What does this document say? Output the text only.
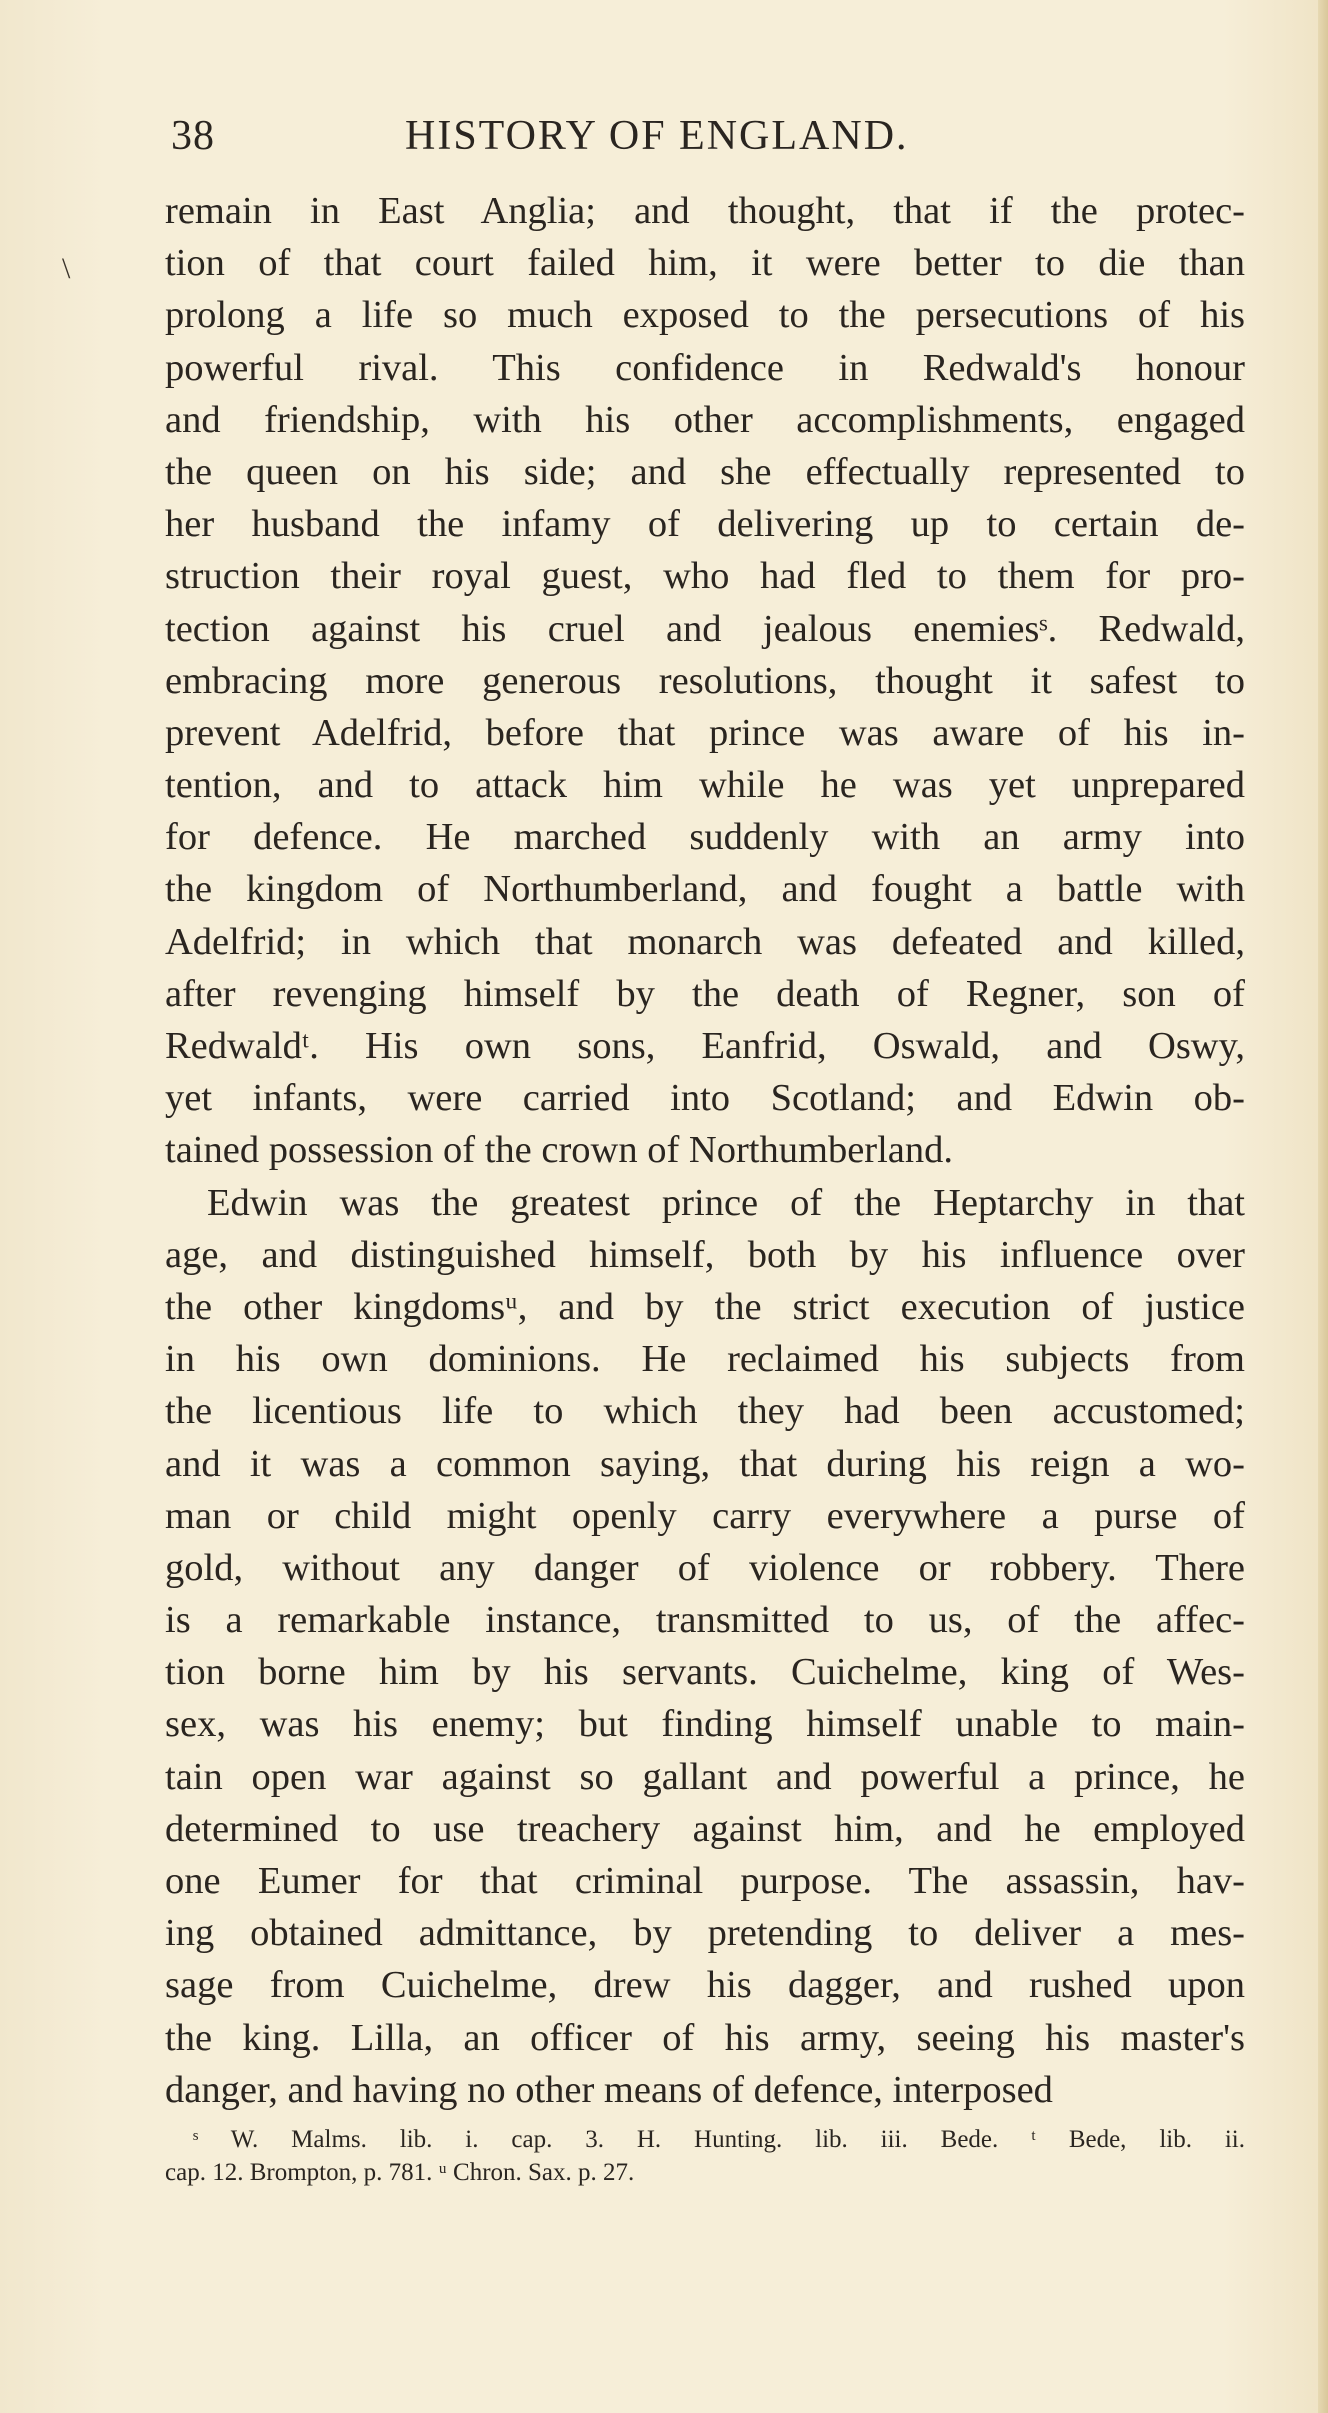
38	HISTORY OF ENGLAND.
\
remain in East Anglia; and thought, that if the protec-
tion of that court failed him, it were better to die than
prolong a life so much exposed to the persecutions of his
powerful rival. This confidence in Redwald's honour
and friendship, with his other accomplishments, engaged
the queen on his side; and she effectually represented to
her husband the infamy of delivering up to certain de-
struction their royal guest, who had fled to them for pro-
tection against his cruel and jealous enemiesˢ. Redwald,
embracing more generous resolutions, thought it safest to
prevent Adelfrid, before that prince was aware of his in-
tention, and to attack him while he was yet unprepared
for defence. He marched suddenly with an army into
the kingdom of Northumberland, and fought a battle with
Adelfrid; in which that monarch was defeated and killed,
after revenging himself by the death of Regner, son of
Redwaldᵗ. His own sons, Eanfrid, Oswald, and Oswy,
yet infants, were carried into Scotland; and Edwin ob-
tained possession of the crown of Northumberland.
Edwin was the greatest prince of the Heptarchy in that
age, and distinguished himself, both by his influence over
the other kingdomsᵘ, and by the strict execution of justice
in his own dominions. He reclaimed his subjects from
the licentious life to which they had been accustomed;
and it was a common saying, that during his reign a wo-
man or child might openly carry everywhere a purse of
gold, without any danger of violence or robbery. There
is a remarkable instance, transmitted to us, of the affec-
tion borne him by his servants. Cuichelme, king of Wes-
sex, was his enemy; but finding himself unable to main-
tain open war against so gallant and powerful a prince, he
determined to use treachery against him, and he employed
one Eumer for that criminal purpose. The assassin, hav-
ing obtained admittance, by pretending to deliver a mes-
sage from Cuichelme, drew his dagger, and rushed upon
the king. Lilla, an officer of his army, seeing his master's
danger, and having no other means of defence, interposed
ˢ W. Malms. lib. i. cap. 3. H. Hunting. lib. iii. Bede. ᵗ Bede, lib. ii.
cap. 12. Brompton, p. 781. ᵘ Chron. Sax. p. 27.
